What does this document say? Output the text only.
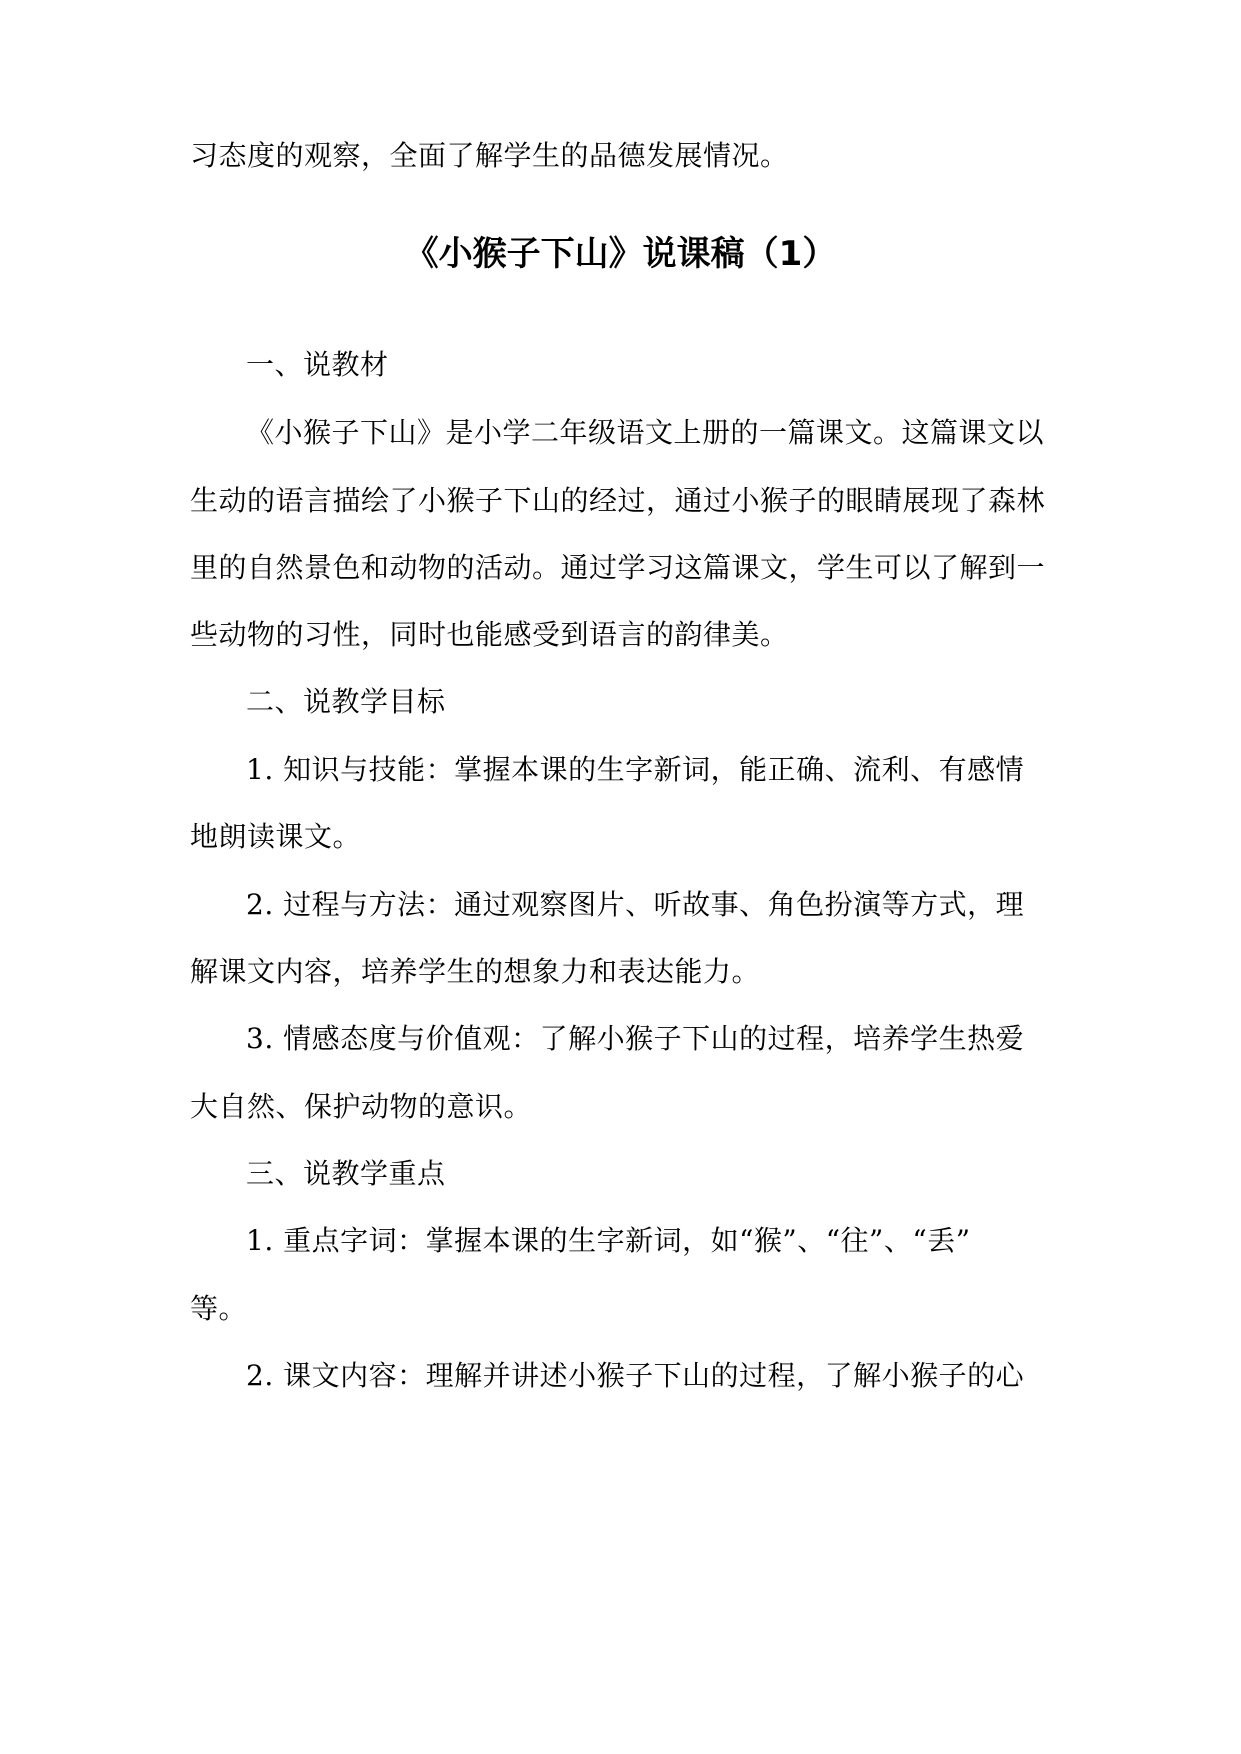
习态度的观察，全面了解学生的品德发展情况。
《小猴子下山》说课稿（1）
一、说教材
《小猴子下山》是小学二年级语文上册的一篇课文。这篇课文以
生动的语言描绘了小猴子下山的经过，通过小猴子的眼睛展现了森林
里的自然景色和动物的活动。通过学习这篇课文，学生可以了解到一
些动物的习性，同时也能感受到语言的韵律美。
二、说教学目标
1. 知识与技能：掌握本课的生字新词，能正确、流利、有感情
地朗读课文。
2. 过程与方法：通过观察图片、听故事、角色扮演等方式，理
解课文内容，培养学生的想象力和表达能力。
3. 情感态度与价值观：了解小猴子下山的过程，培养学生热爱
大自然、保护动物的意识。
三、说教学重点
1. 重点字词：掌握本课的生字新词，如“猴”、“往”、“丢”
等。
2. 课文内容：理解并讲述小猴子下山的过程，了解小猴子的心
